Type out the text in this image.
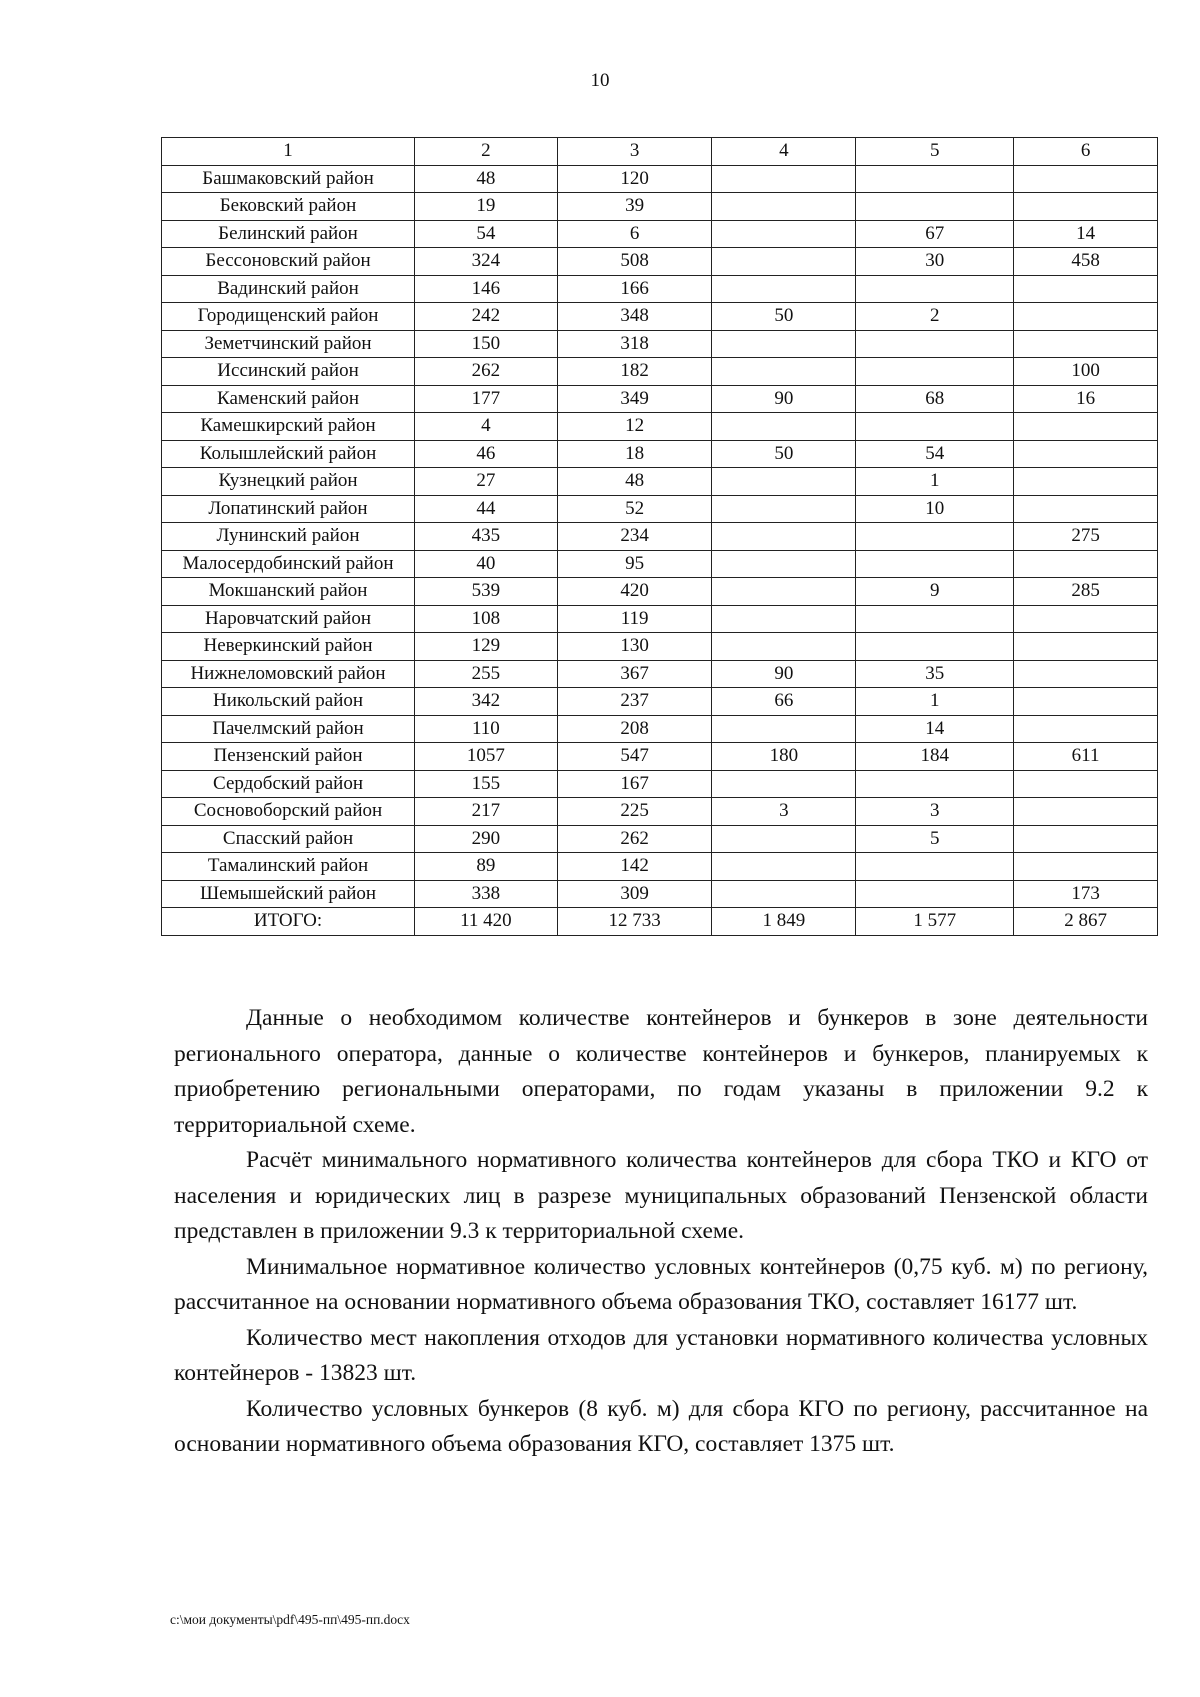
10
1	2	3	4	5	6
Башмаковский район	48	120			
Бековский район	19	39			
Белинский район	54	6		67	14
Бессоновский район	324	508		30	458
Вадинский район	146	166			
Городищенский район	242	348	50	2	
Земетчинский район	150	318			
Иссинский район	262	182			100
Каменский район	177	349	90	68	16
Камешкирский район	4	12			
Колышлейский район	46	18	50	54	
Кузнецкий район	27	48		1	
Лопатинский район	44	52		10	
Лунинский район	435	234			275
Малосердобинский район	40	95			
Мокшанский район	539	420		9	285
Наровчатский район	108	119			
Неверкинский район	129	130			
Нижнеломовский район	255	367	90	35	
Никольский район	342	237	66	1	
Пачелмский район	110	208		14	
Пензенский район	1057	547	180	184	611
Сердобский район	155	167			
Сосновоборский район	217	225	3	3	
Спасский район	290	262		5	
Тамалинский район	89	142			
Шемышейский район	338	309			173
ИТОГО:	11 420	12 733	1 849	1 577	2 867

Данные о необходимом количестве контейнеров и бункеров в зоне деятельности регионального оператора, данные о количестве контейнеров и бункеров, планируемых к приобретению региональными операторами, по годам указаны в приложении 9.2 к территориальной схеме.

Расчёт минимального нормативного количества контейнеров для сбора ТКО и КГО от населения и юридических лиц в разрезе муниципальных образований Пензенской области представлен в приложении 9.3 к территориальной схеме.

Минимальное нормативное количество условных контейнеров (0,75 куб. м) по региону, рассчитанное на основании нормативного объема образования ТКО, составляет 16177 шт.

Количество мест накопления отходов для установки нормативного количества условных контейнеров - 13823 шт.

Количество условных бункеров (8 куб. м) для сбора КГО по региону, рассчитанное на основании нормативного объема образования КГО, составляет 1375 шт.

c:\мои документы\pdf\495-пп\495-пп.docx
